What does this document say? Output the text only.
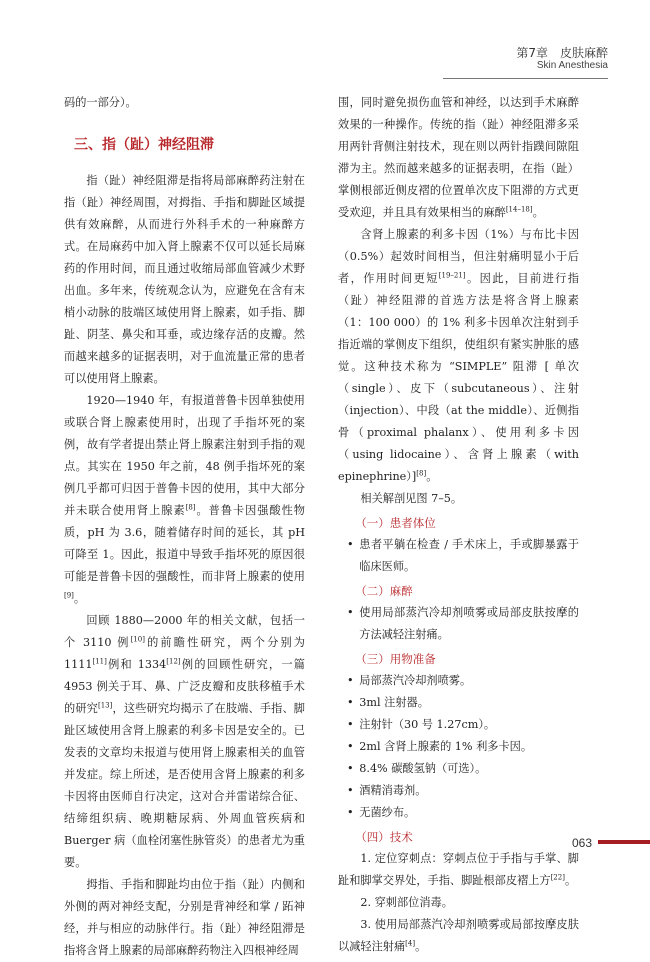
第7章　皮肤麻醉
Skin Anesthesia

码的一部分）。

三、指（趾）神经阻滞

指（趾）神经阻滞是指将局部麻醉药注射在指（趾）神经周围，对拇指、手指和脚趾区域提供有效麻醉，从而进行外科手术的一种麻醉方式。在局麻药中加入肾上腺素不仅可以延长局麻药的作用时间，而且通过收缩局部血管减少术野出血。多年来，传统观念认为，应避免在含有末梢小动脉的肢端区域使用肾上腺素，如手指、脚趾、阴茎、鼻尖和耳垂，或边缘存活的皮瓣。然而越来越多的证据表明，对于血流量正常的患者可以使用肾上腺素。

1920—1940 年，有报道普鲁卡因单独使用或联合肾上腺素使用时，出现了手指坏死的案例，故有学者提出禁止肾上腺素注射到手指的观点。其实在 1950 年之前，48 例手指坏死的案例几乎都可归因于普鲁卡因的使用，其中大部分并未联合使用肾上腺素[8]。普鲁卡因强酸性物质，pH 为 3.6，随着储存时间的延长，其 pH 可降至 1。因此，报道中导致手指坏死的原因很可能是普鲁卡因的强酸性，而非肾上腺素的使用[9]。

回顾 1880—2000 年的相关文献，包括一个 3110 例[10]的前瞻性研究，两个分别为 1111[11]例和 1334[12]例的回顾性研究，一篇 4953 例关于耳、鼻、广泛皮瓣和皮肤移植手术的研究[13]，这些研究均揭示了在肢端、手指、脚趾区域使用含肾上腺素的利多卡因是安全的。已发表的文章均未报道与使用肾上腺素相关的血管并发症。综上所述，是否使用含肾上腺素的利多卡因将由医师自行决定，这对合并雷诺综合征、结缔组织病、晚期糖尿病、外周血管疾病和 Buerger 病（血栓闭塞性脉管炎）的患者尤为重要。

拇指、手指和脚趾均由位于指（趾）内侧和外侧的两对神经支配，分别是背神经和掌 / 跖神经，并与相应的动脉伴行。指（趾）神经阻滞是指将含肾上腺素的局部麻醉药物注入四根神经周

围，同时避免损伤血管和神经，以达到手术麻醉效果的一种操作。传统的指（趾）神经阻滞多采用两针背侧注射技术，现在则以两针指蹼间隙阻滞为主。然而越来越多的证据表明，在指（趾）掌侧根部近侧皮褶的位置单次皮下阻滞的方式更受欢迎，并且具有效果相当的麻醉[14–18]。

含肾上腺素的利多卡因（1%）与布比卡因（0.5%）起效时间相当，但注射痛明显小于后者，作用时间更短[19–21]。因此，目前进行指（趾）神经阻滞的首选方法是将含肾上腺素（1：100 000）的 1% 利多卡因单次注射到手指近端的掌侧皮下组织，使组织有紧实肿胀的感觉。这种技术称为 “SIMPLE” 阻滞 [ 单次（single）、皮下（subcutaneous）、注射（injection）、中段（at the middle）、近侧指骨（proximal phalanx）、使用利多卡因（using lidocaine）、含肾上腺素（with epinephrine）][8]。

相关解剖见图 7–5。

（一）患者体位

• 患者平躺在检查 / 手术床上，手或脚暴露于临床医师。

（二）麻醉

• 使用局部蒸汽冷却剂喷雾或局部皮肤按摩的方法减轻注射痛。

（三）用物准备

• 局部蒸汽冷却剂喷雾。

• 3ml 注射器。

• 注射针（30 号 1.27cm）。

• 2ml 含肾上腺素的 1% 利多卡因。

• 8.4% 碳酸氢钠（可选）。

• 酒精消毒剂。

• 无菌纱布。

（四）技术

1. 定位穿刺点：穿刺点位于手指与手掌、脚趾和脚掌交界处，手指、脚趾根部皮褶上方[22]。

2. 穿刺部位消毒。

3. 使用局部蒸汽冷却剂喷雾或局部按摩皮肤以减轻注射痛[4]。

063
